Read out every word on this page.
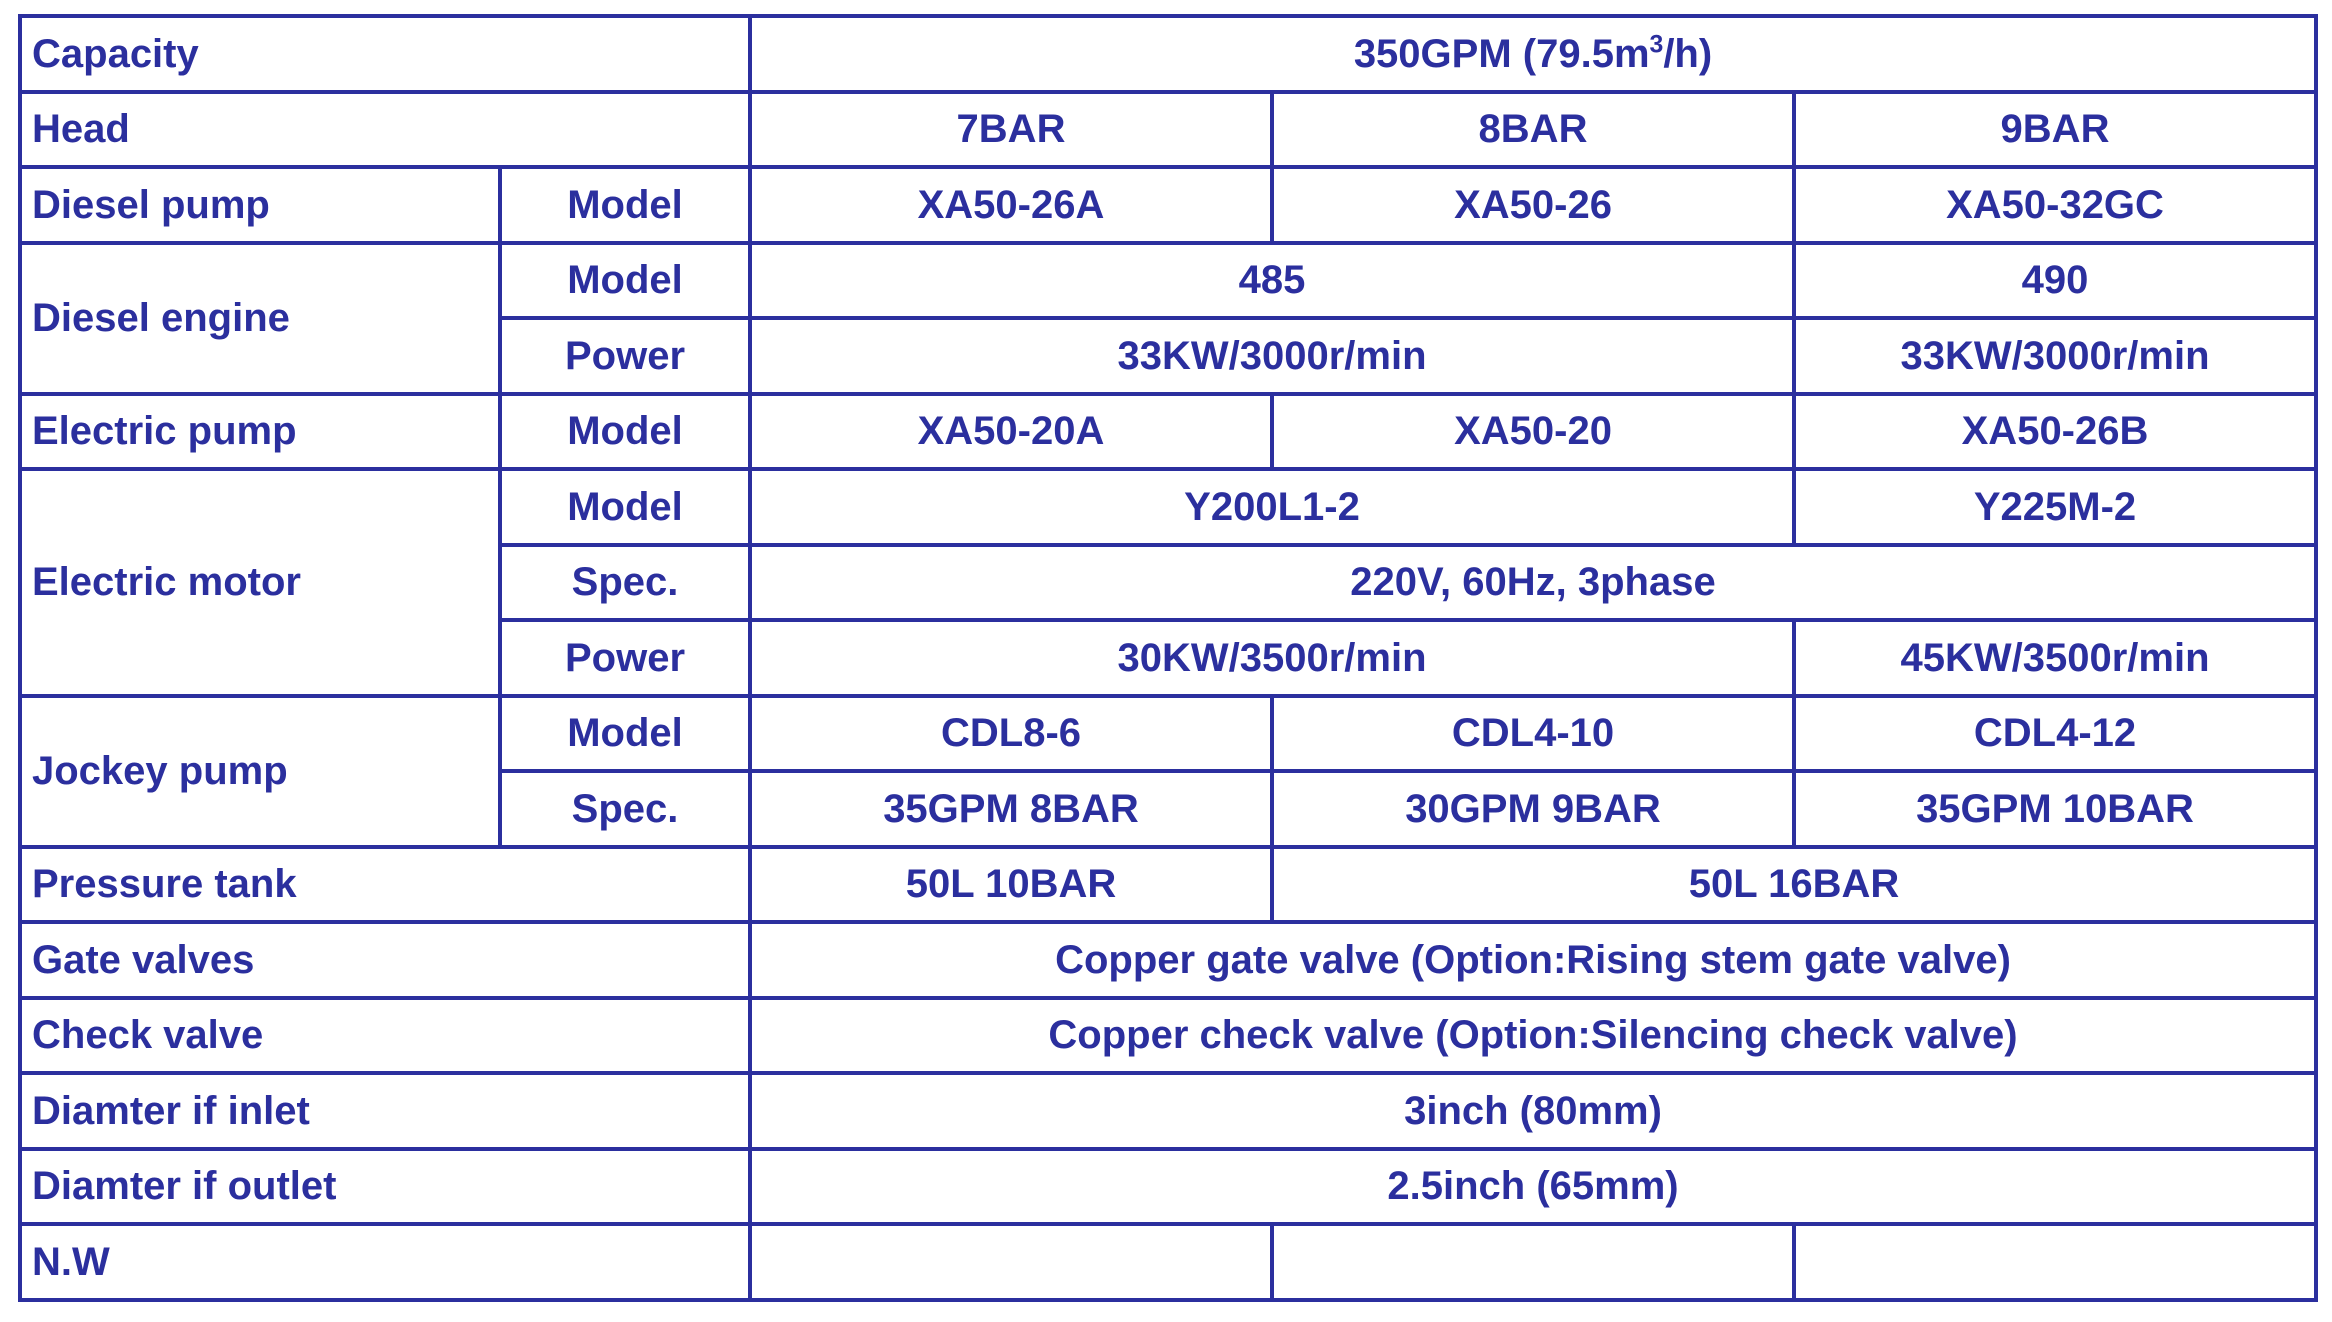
Capacity		350GPM $(79.5m^3/h)$		
Head		7BAR	8BAR	9BAR
Diesel pump	Model	XA50-26A	XA50-26	XA50-32GC
Diesel engine	Model	485		490
	Power	33KW/3000r/min		33KW/3000r/min
Electric pump	Model	XA50-20A	XA50-20	XA50-26B
Electric motor	Model	Y200L1-2		Y225M-2
	Spec.	220V, 60Hz, 3phase		
	Power	30KW/3500r/min		45KW/3500r/min
Jockey pump	Model	CDL8-6	CDL4-10	CDL4-12
	Spec.	35GPM 8BAR	30GPM 9BAR	35GPM 10BAR
Pressure tank		50L 10BAR	50L 16BAR	
Gate valves		Copper gate valve (Option:Rising stem gate valve)		
Check valve		Copper check valve (Option:Silencing check valve)		
Diamter if inlet		3inch (80mm)		
Diamter if outlet		2.5inch (65mm)		
N.W				
